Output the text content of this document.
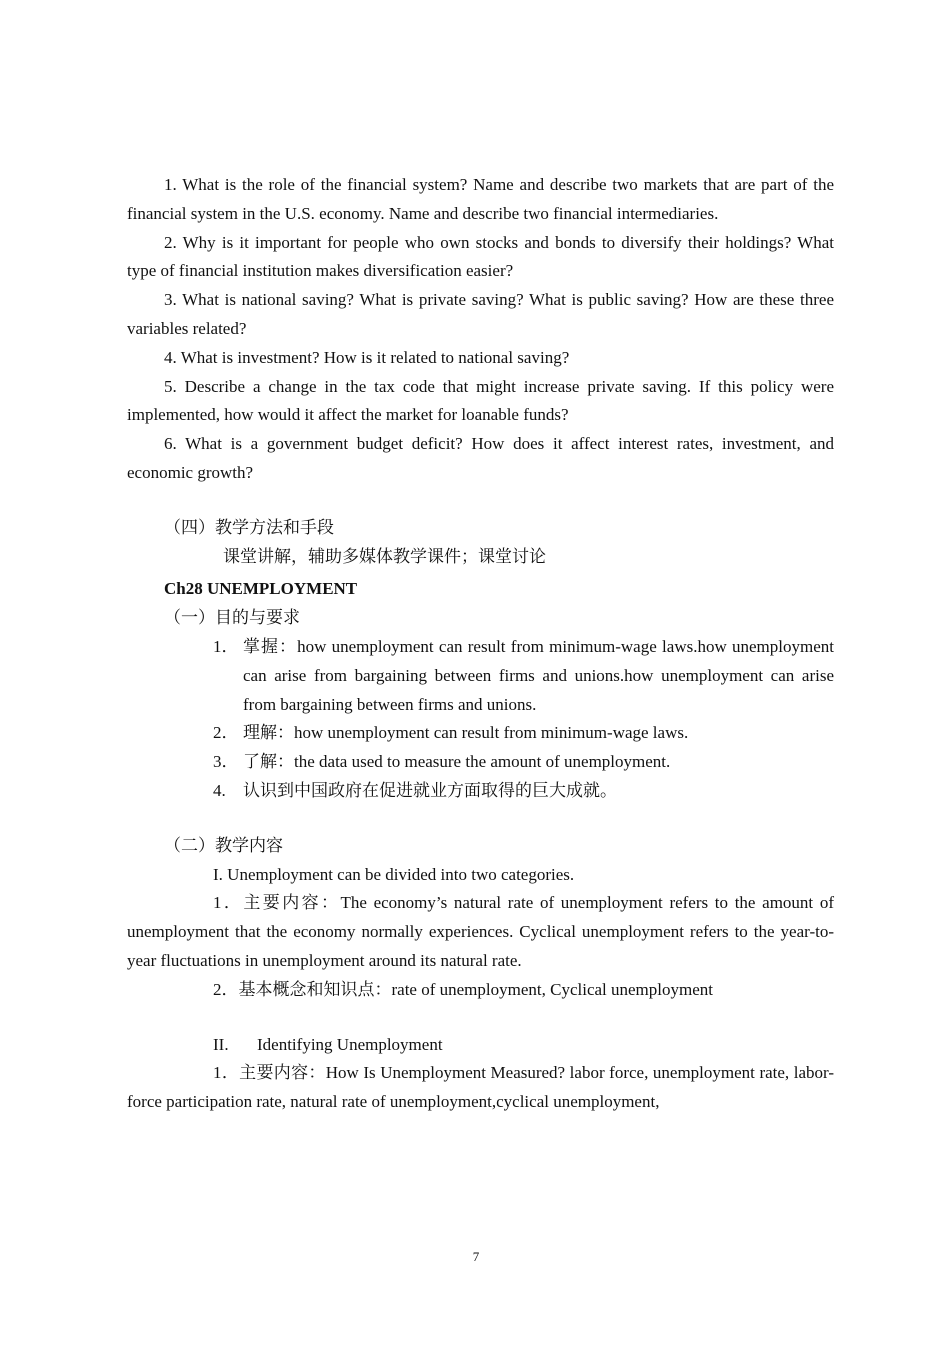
1. What is the role of the financial system? Name and describe two markets that are part of the financial system in the U.S. economy. Name and describe two financial intermediaries.

2. Why is it important for people who own stocks and bonds to diversify their holdings? What type of financial institution makes diversification easier?

3. What is national saving? What is private saving? What is public saving? How are these three variables related?

4. What is investment? How is it related to national saving?

5. Describe a change in the tax code that might increase private saving. If this policy were implemented, how would it affect the market for loanable funds?

6. What is a government budget deficit? How does it affect interest rates, investment, and economic growth?

（四）教学方法和手段

课堂讲解，辅助多媒体教学课件；课堂讨论

Ch28 UNEMPLOYMENT

（一）目的与要求

1． 掌握：how unemployment can result from minimum-wage laws.how unemployment can arise from bargaining between firms and unions.how unemployment can arise from bargaining between firms and unions.
2． 理解：how unemployment can result from minimum-wage laws.
3． 了解：the data used to measure the amount of unemployment.
4.	认识到中国政府在促进就业方面取得的巨大成就。

（二）教学内容

I. Unemployment can be divided into two categories.

1．主要内容：The economy’s natural rate of unemployment refers to the amount of unemployment that the economy normally experiences. Cyclical unemployment refers to the year-to-year fluctuations in unemployment around its natural rate.

2．基本概念和知识点：rate of unemployment, Cyclical unemployment

II. Identifying Unemployment

1．主要内容：How Is Unemployment Measured? labor force, unemployment rate, labor-force participation rate, natural rate of unemployment,cyclical unemployment,

7
